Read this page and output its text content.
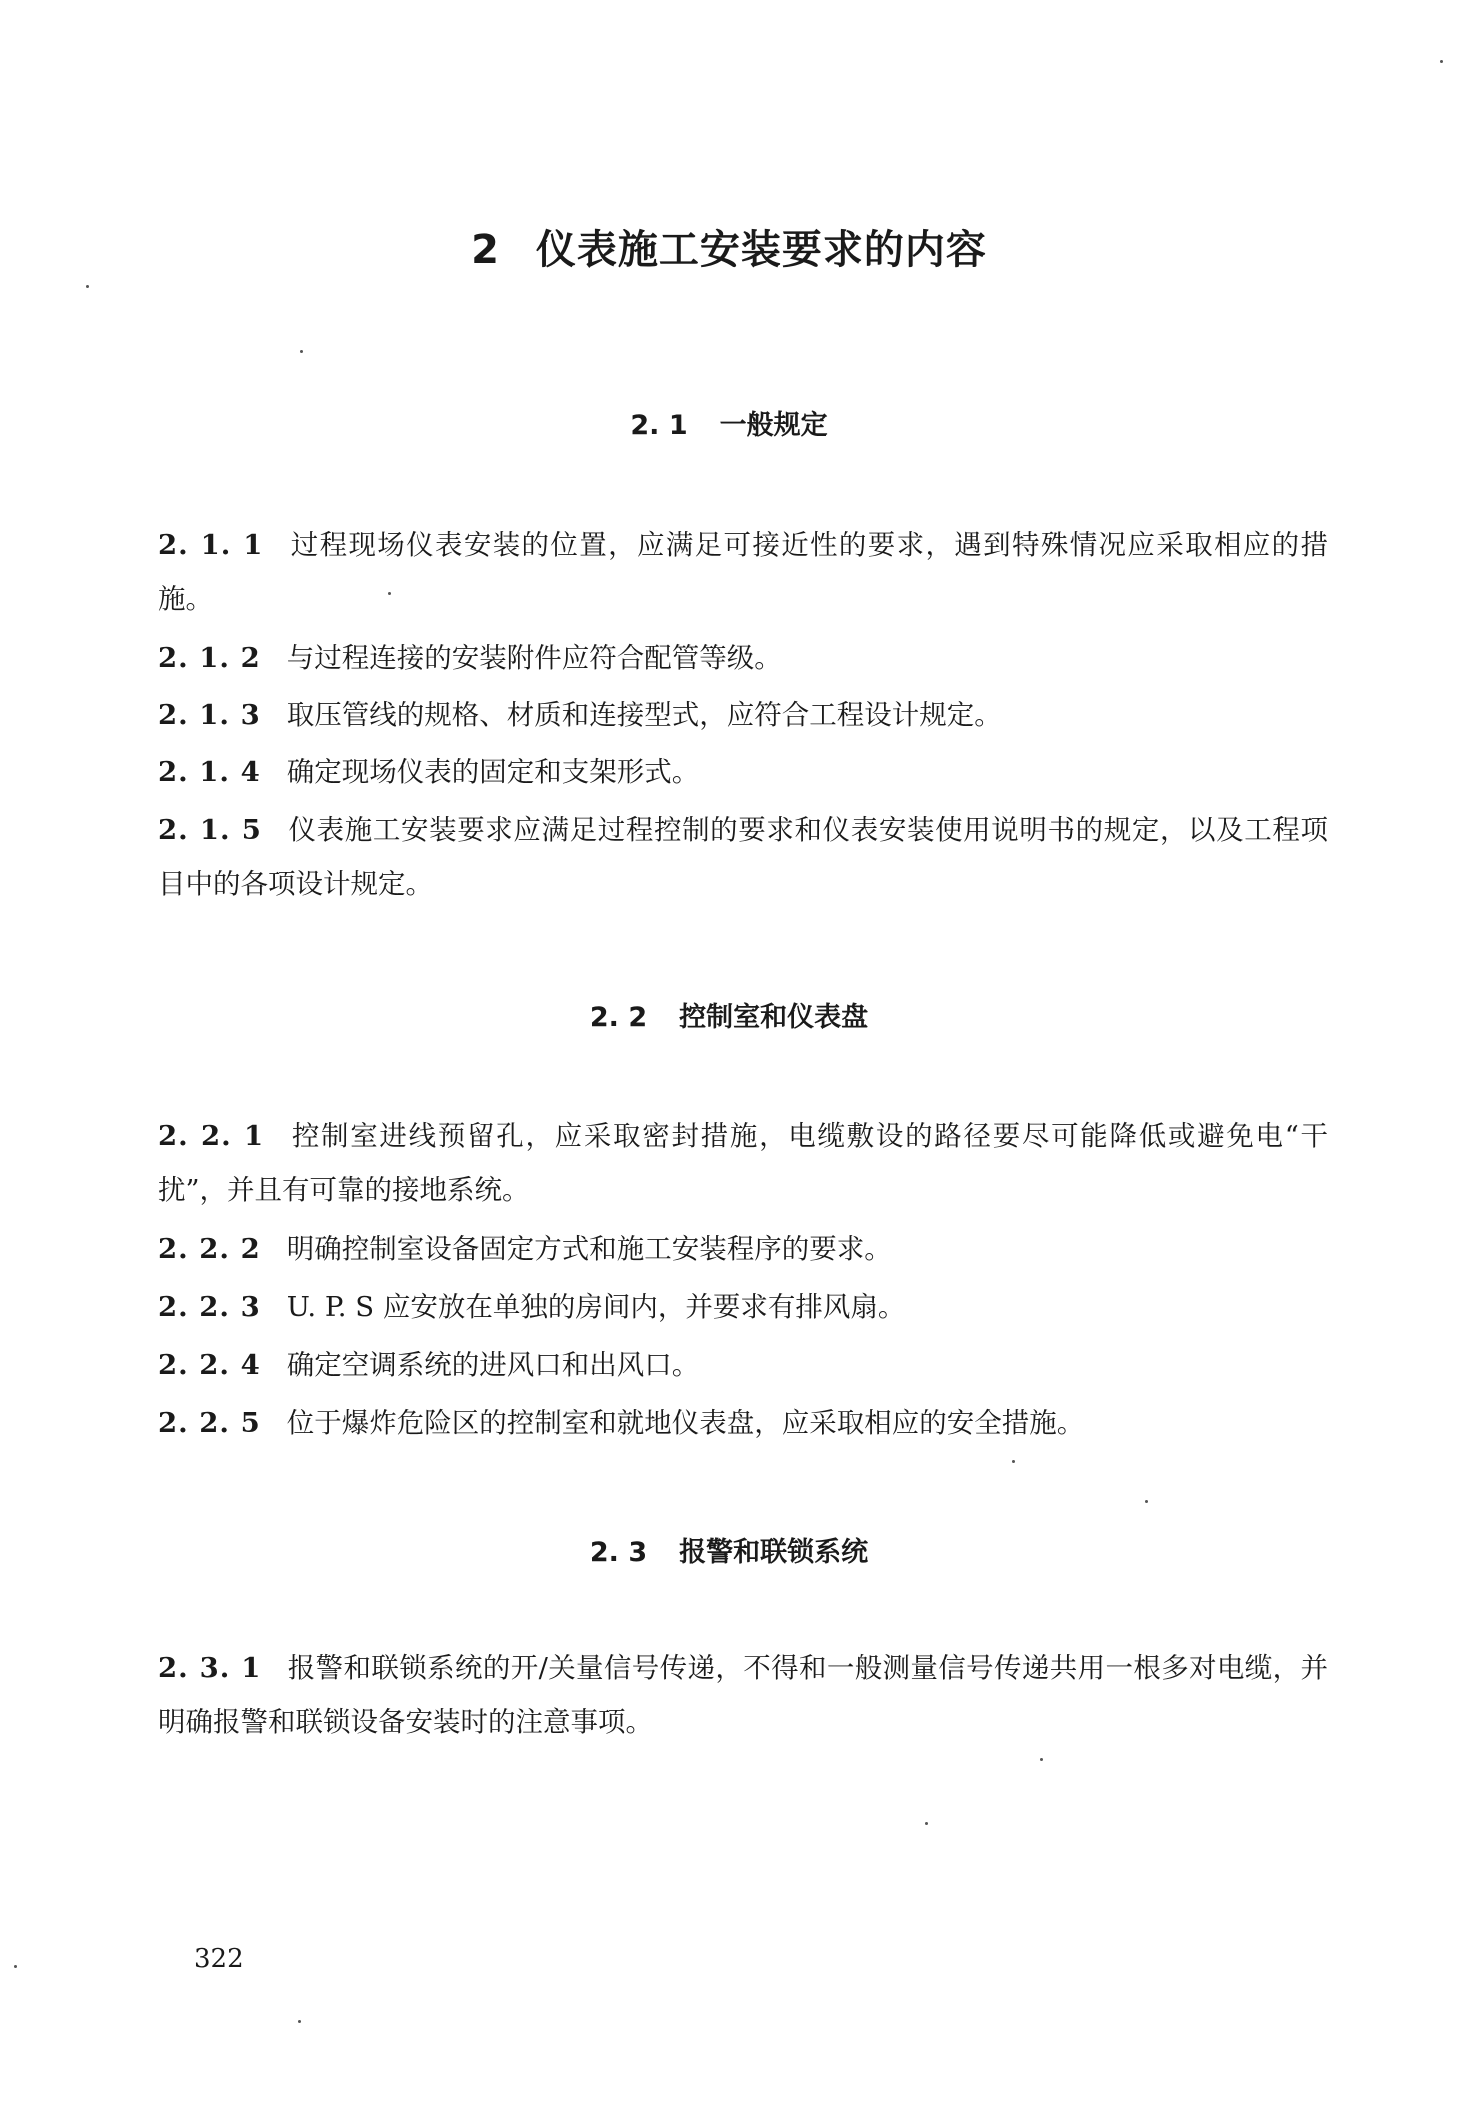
2 仪表施工安装要求的内容
2. 1 一般规定
2. 1. 1 过程现场仪表安装的位置，应满足可接近性的要求，遇到特殊情况应采取相应的措施。
2. 1. 2 与过程连接的安装附件应符合配管等级。
2. 1. 3 取压管线的规格、材质和连接型式，应符合工程设计规定。
2. 1. 4 确定现场仪表的固定和支架形式。
2. 1. 5 仪表施工安装要求应满足过程控制的要求和仪表安装使用说明书的规定，以及工程项目中的各项设计规定。
2. 2 控制室和仪表盘
2. 2. 1 控制室进线预留孔，应采取密封措施，电缆敷设的路径要尽可能降低或避免电“干扰”，并且有可靠的接地系统。
2. 2. 2 明确控制室设备固定方式和施工安装程序的要求。
2. 2. 3 U. P. S 应安放在单独的房间内，并要求有排风扇。
2. 2. 4 确定空调系统的进风口和出风口。
2. 2. 5 位于爆炸危险区的控制室和就地仪表盘，应采取相应的安全措施。
2. 3 报警和联锁系统
2. 3. 1 报警和联锁系统的开/关量信号传递，不得和一般测量信号传递共用一根多对电缆，并明确报警和联锁设备安装时的注意事项。
322
